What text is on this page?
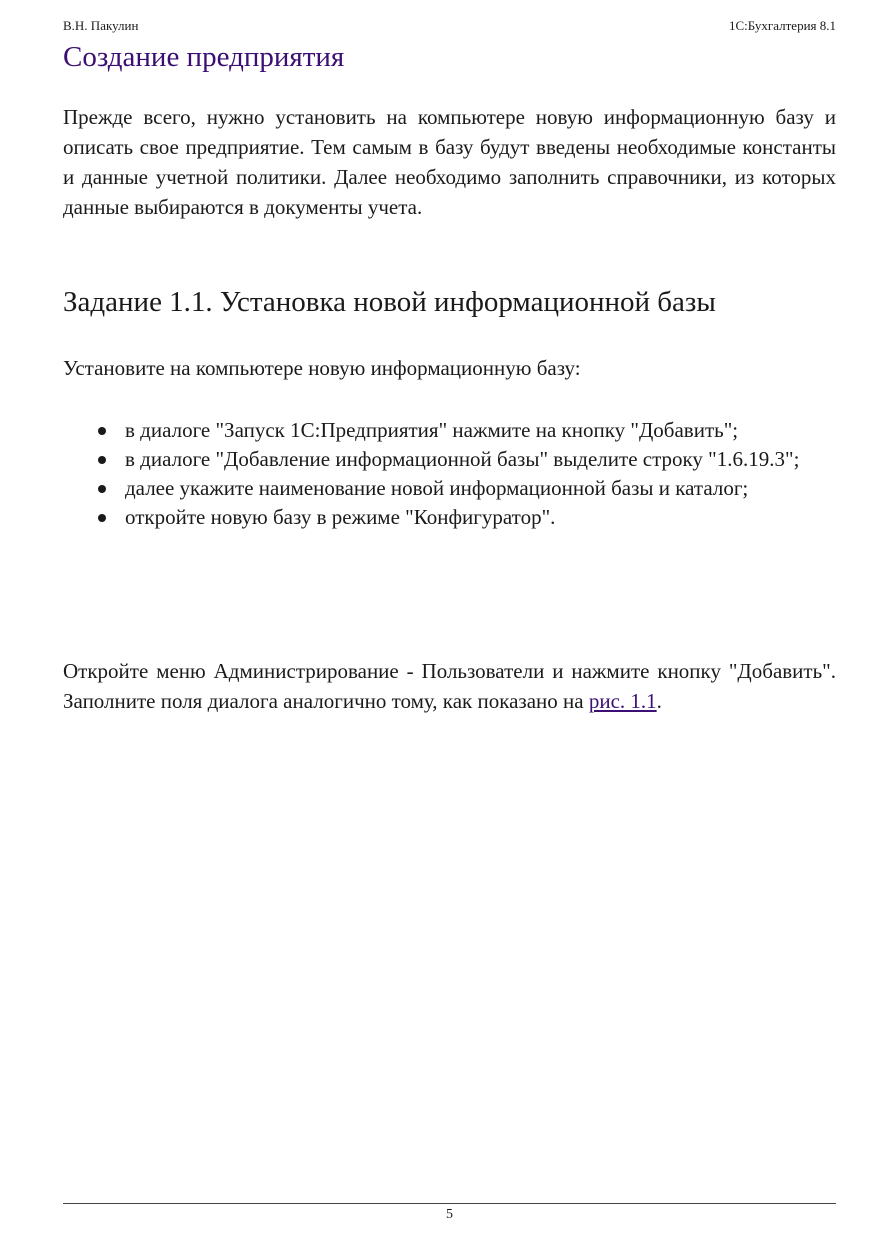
В.Н. Пакулин	1С:Бухгалтерия 8.1
Создание предприятия

Прежде всего, нужно установить на компьютере новую информационную базу и описать свое предприятие. Тем самым в базу будут введены необходимые константы и данные учетной политики. Далее необходимо заполнить справочники, из которых данные выбираются в документы учета.

Задание 1.1. Установка новой информационной базы

Установите на компьютере новую информационную базу:

в диалоге "Запуск 1С:Предприятия" нажмите на кнопку "Добавить";
в диалоге "Добавление информационной базы" выделите строку "1.6.19.3";
далее укажите наименование новой информационной базы и каталог;
откройте новую базу в режиме "Конфигуратор".

Откройте меню Администрирование - Пользователи и нажмите кнопку "Добавить". Заполните поля диалога аналогично тому, как показано на рис. 1.1.

5
